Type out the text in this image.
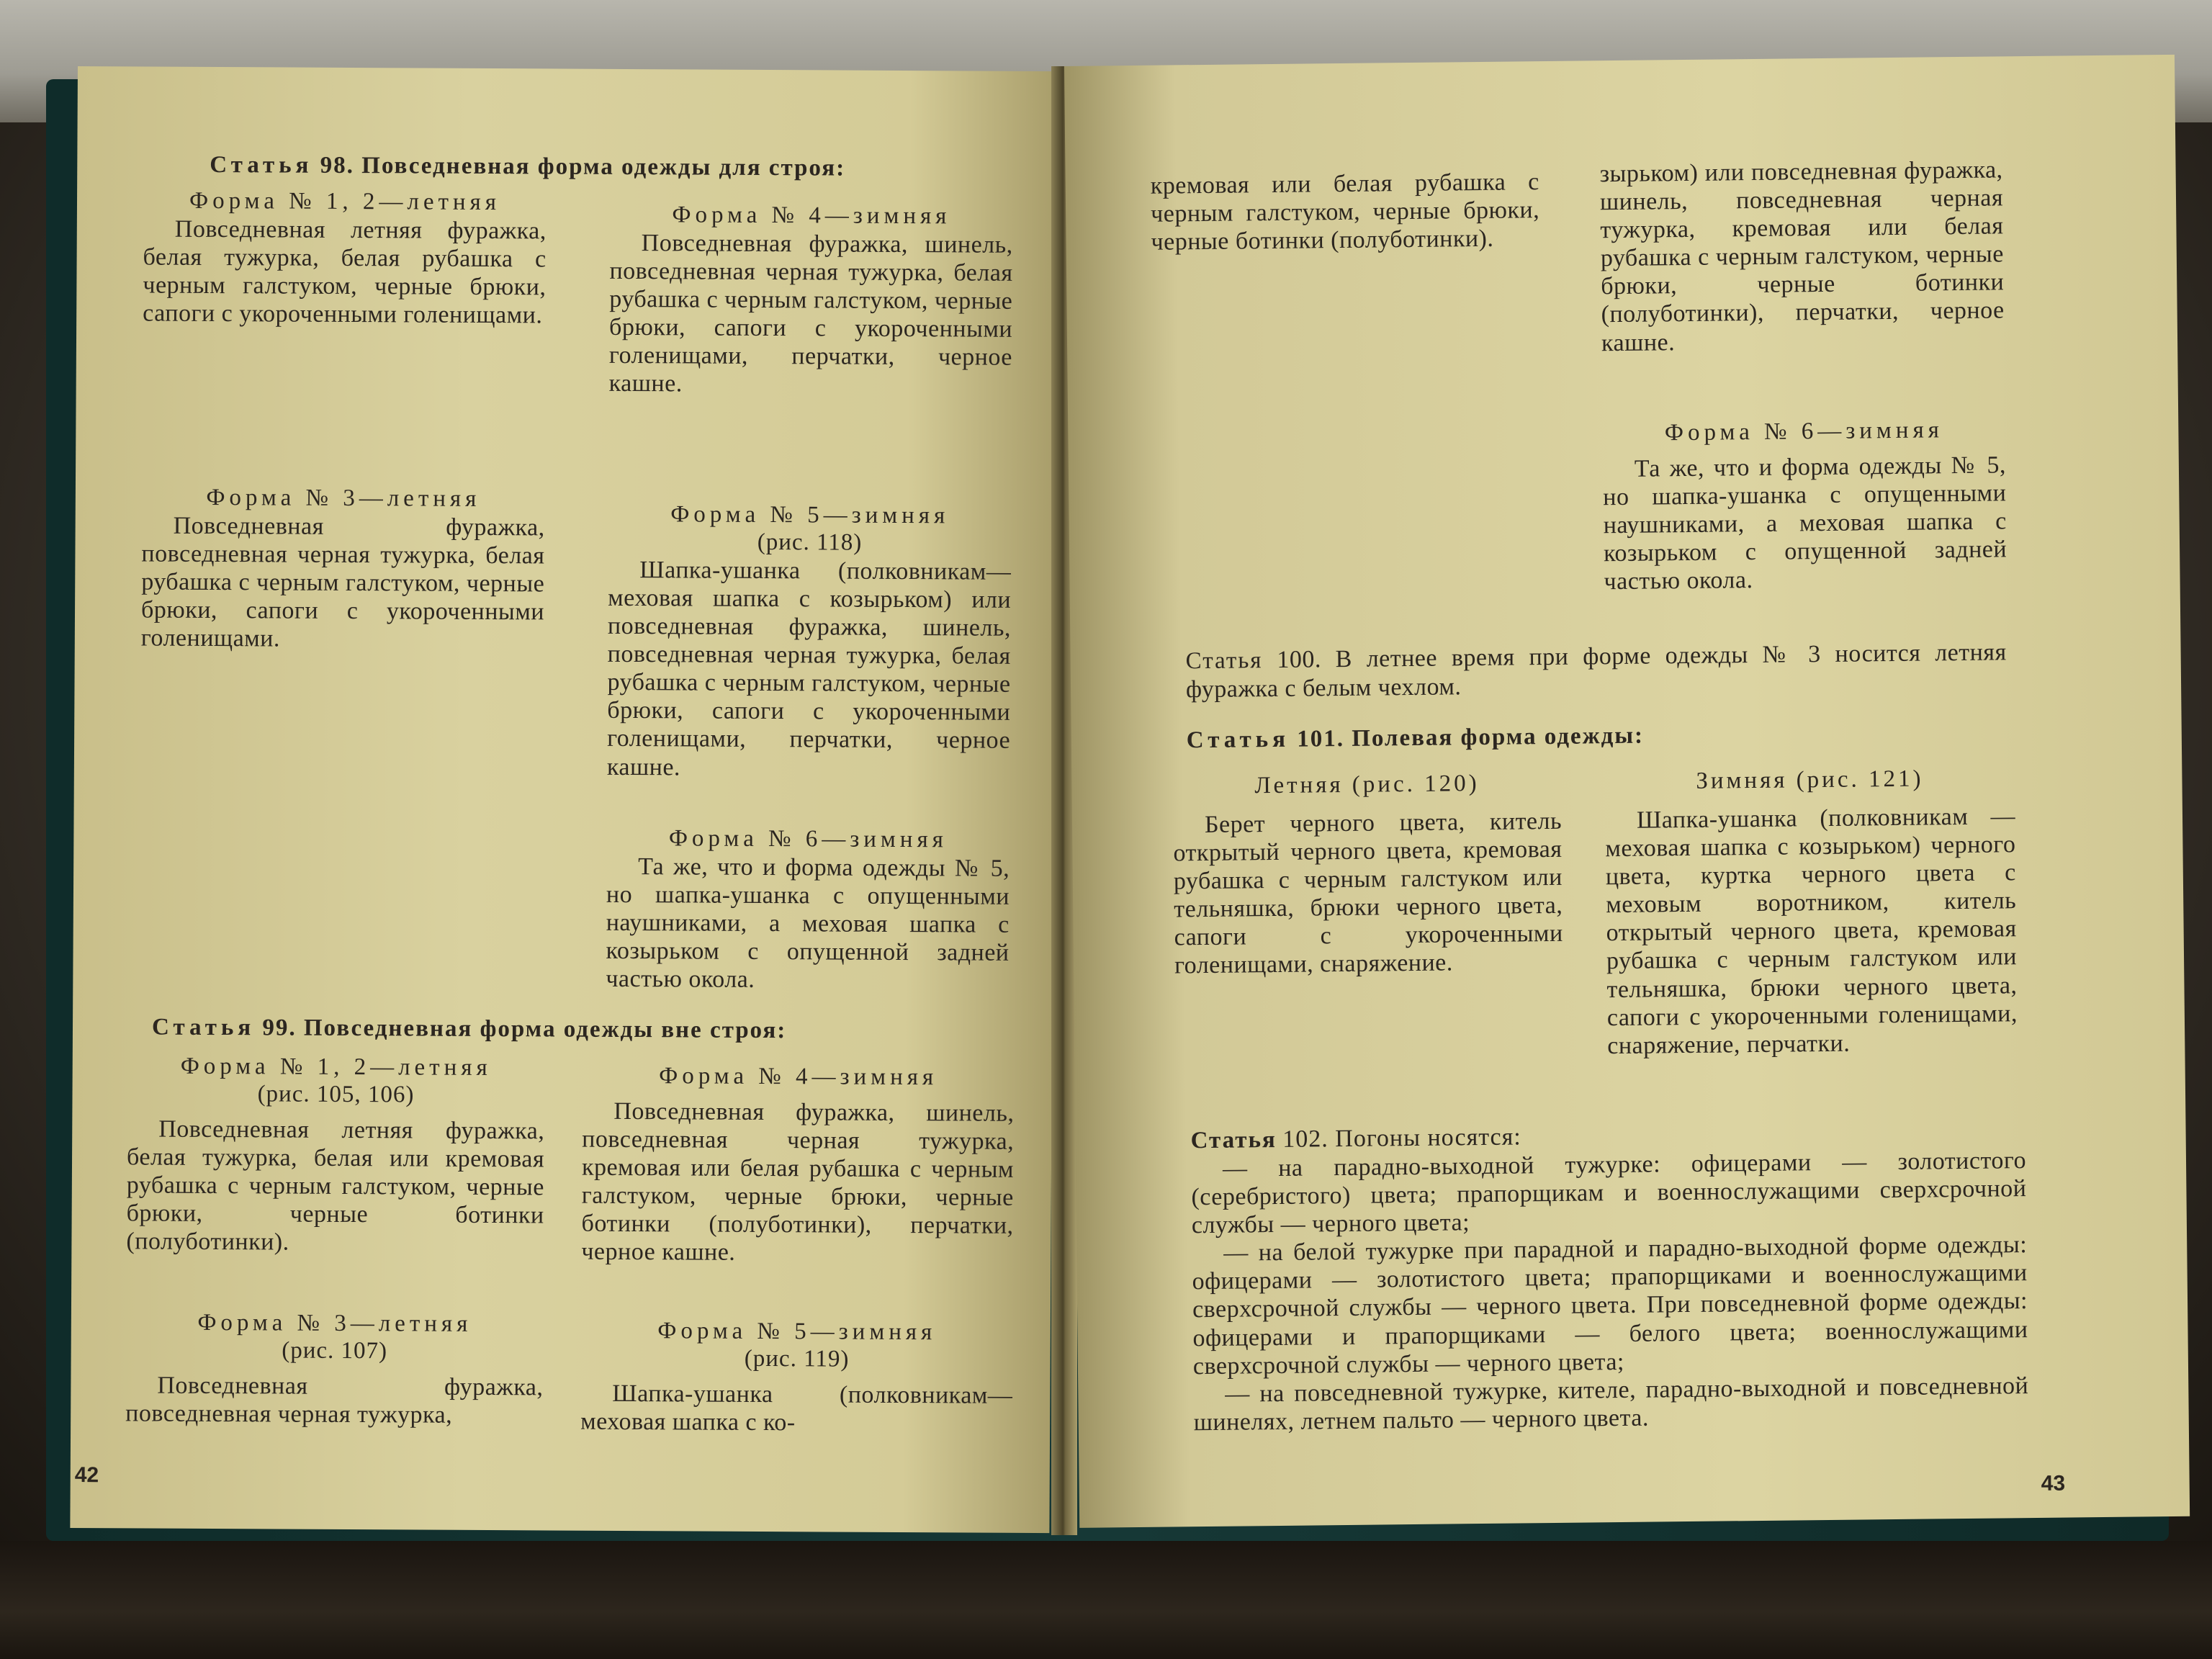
Статья 98. Повседневная форма одежды для строя:
Форма № 1, 2—летняя
Повседневная летняя фуражка, белая тужурка, белая рубашка с черным галстуком, черные брюки, сапоги с укороченными голенищами.
Форма № 3—летняя
Повседневная фуражка, повседневная черная тужурка, белая рубашка с черным галстуком, черные брюки, сапоги с укороченными голенищами.
Форма № 4—зимняя
Повседневная фуражка, шинель, повседневная черная тужурка, белая рубашка с черным галстуком, черные брюки, сапоги с укороченными голенищами, перчатки, черное кашне.
Форма № 5—зимняя
(рис. 118)
Шапка-ушанка (полковникам—меховая шапка с козырьком) или повседневная фуражка, шинель, повседневная черная тужурка, белая рубашка с черным галстуком, черные брюки, сапоги с укороченными голенищами, перчатки, черное кашне.
Форма № 6—зимняя
Та же, что и форма одежды № 5, но шапка-ушанка с опущенными наушниками, а меховая шапка с козырьком с опущенной задней частью окола.
Статья 99. Повседневная форма одежды вне строя:
Форма № 1, 2—летняя
(рис. 105, 106)
Повседневная летняя фуражка, белая тужурка, белая или кремовая рубашка с черным галстуком, черные брюки, черные ботинки (полуботинки).
Форма № 3—летняя
(рис. 107)
Повседневная фуражка, повседневная черная тужурка,
Форма № 4—зимняя
Повседневная фуражка, шинель, повседневная черная тужурка, кремовая или белая рубашка с черным галстуком, черные брюки, черные ботинки (полуботинки), перчатки, черное кашне.
Форма № 5—зимняя
(рис. 119)
Шапка-ушанка (полковникам—меховая шапка с ко-
42
кремовая или белая рубашка с черным галстуком, черные брюки, черные ботинки (полуботинки).
зырьком) или повседневная фуражка, шинель, повседневная черная тужурка, кремовая или белая рубашка с черным галстуком, черные брюки, черные ботинки (полуботинки), перчатки, черное кашне.
Форма № 6—зимняя
Та же, что и форма одежды № 5, но шапка-ушанка с опущенными наушниками, а меховая шапка с козырьком с опущенной задней частью окола.
Статья 100. В летнее время при форме одежды № 3 носится летняя фуражка с белым чехлом.
Статья 101. Полевая форма одежды:
Летняя (рис. 120)
Берет черного цвета, китель открытый черного цвета, кремовая рубашка с черным галстуком или тельняшка, брюки черного цвета, сапоги с укороченными голенищами, снаряжение.
Зимняя (рис. 121)
Шапка-ушанка (полковникам — меховая шапка с козырьком) черного цвета, куртка черного цвета с меховым воротником, китель открытый черного цвета, кремовая рубашка с черным галстуком или тельняшка, брюки черного цвета, сапоги с укороченными голенищами, снаряжение, перчатки.
Статья 102. Погоны носятся:
— на парадно-выходной тужурке: офицерами — золотистого (серебристого) цвета; прапорщикам и военнослужащими сверхсрочной службы — черного цвета;
— на белой тужурке при парадной и парадно-выходной форме одежды: офицерами — золотистого цвета; прапорщиками и военнослужащими сверхсрочной службы — черного цвета. При повседневной форме одежды: офицерами и прапорщиками — белого цвета; военнослужащими сверхсрочной службы — черного цвета;
— на повседневной тужурке, кителе, парадно-выходной и повседневной шинелях, летнем пальто — черного цвета.
43
